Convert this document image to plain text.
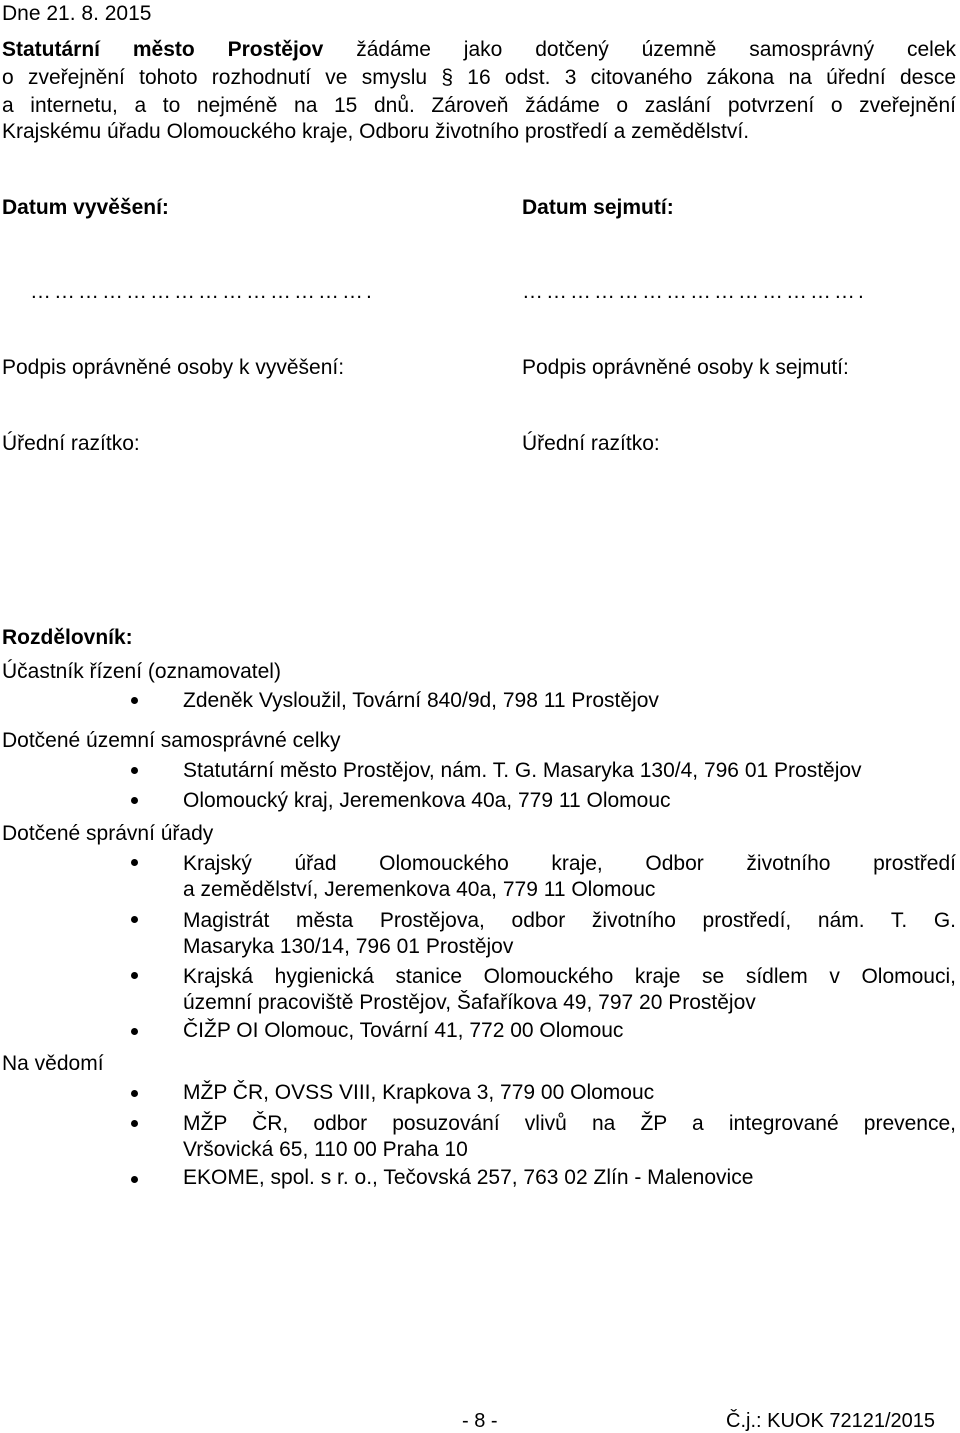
Dne 21. 8. 2015
Statutární město Prostějov žádáme jako dotčený územně samosprávný celek
o zveřejnění tohoto rozhodnutí ve smyslu § 16 odst. 3 citovaného zákona na úřední desce
a internetu, a to nejméně na 15 dnů. Zároveň žádáme o zaslání potvrzení o zveřejnění
Krajskému úřadu Olomouckého kraje, Odboru životního prostředí a zemědělství.
Datum vyvěšení:	Datum sejmutí:
…………………………………….	…………………………………….
Podpis oprávněné osoby k vyvěšení:	Podpis oprávněné osoby k sejmutí:
Úřední razítko:	Úřední razítko:
Rozdělovník:
Účastník řízení (oznamovatel)
Zdeněk Vysloužil, Tovární 840/9d, 798 11 Prostějov
Dotčené územní samosprávné celky
Statutární město Prostějov, nám. T. G. Masaryka 130/4, 796 01 Prostějov
Olomoucký kraj, Jeremenkova 40a, 779 11 Olomouc
Dotčené správní úřady
Krajský úřad Olomouckého kraje, Odbor životního prostředí
a zemědělství, Jeremenkova 40a, 779 11 Olomouc
Magistrát města Prostějova, odbor životního prostředí, nám. T. G.
Masaryka 130/14, 796 01 Prostějov
Krajská hygienická stanice Olomouckého kraje se sídlem v Olomouci,
územní pracoviště Prostějov, Šafaříkova 49, 797 20 Prostějov
ČIŽP OI Olomouc, Tovární 41, 772 00 Olomouc
Na vědomí
MŽP ČR, OVSS VIII, Krapkova 3, 779 00 Olomouc
MŽP ČR, odbor posuzování vlivů na ŽP a integrované prevence,
Vršovická 65, 110 00 Praha 10
EKOME, spol. s r. o., Tečovská 257, 763 02 Zlín - Malenovice
- 8 -	Č.j.: KUOK 72121/2015
